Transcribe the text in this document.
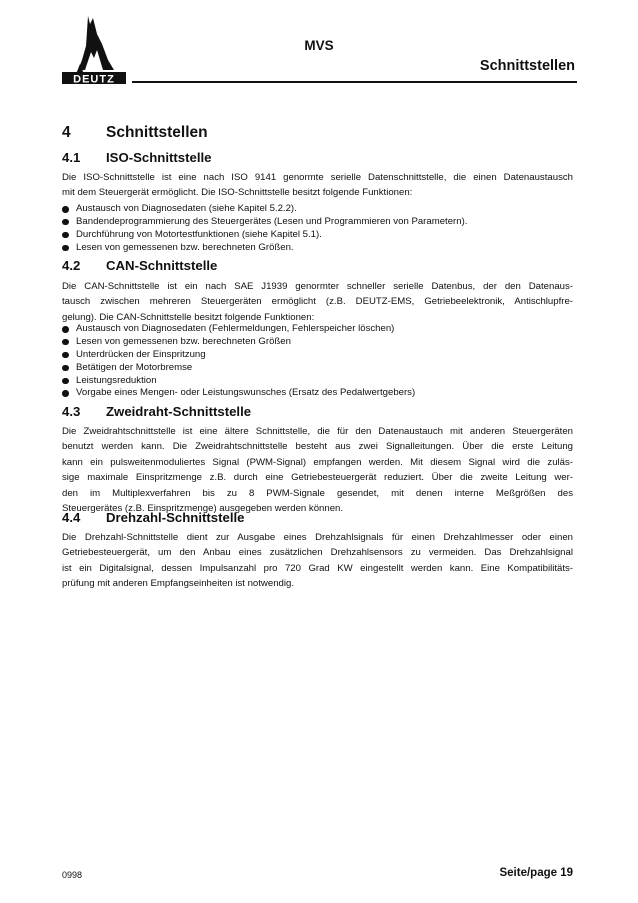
DEUTZ
MVS
Schnittstellen
4 Schnittstellen
4.1 ISO-Schnittstelle
Die ISO-Schnittstelle ist eine nach ISO 9141 genormte serielle Datenschnittstelle, die einen Datenaustausch
mit dem Steuergerät ermöglicht. Die ISO-Schnittstelle besitzt folgende Funktionen:
Austausch von Diagnosedaten (siehe Kapitel 5.2.2).
Bandendeprogrammierung des Steuergerätes (Lesen und Programmieren von Parametern).
Durchführung von Motortestfunktionen (siehe Kapitel 5.1).
Lesen von gemessenen bzw. berechneten Größen.
4.2 CAN-Schnittstelle
Die CAN-Schnittstelle ist ein nach SAE J1939 genormter schneller serielle Datenbus, der den Datenaus-
tausch zwischen mehreren Steuergeräten ermöglicht (z.B. DEUTZ-EMS, Getriebeelektronik, Antischlupfre-
gelung). Die CAN-Schnittstelle besitzt folgende Funktionen:
Austausch von Diagnosedaten (Fehlermeldungen, Fehlerspeicher löschen)
Lesen von gemessenen bzw. berechneten Größen
Unterdrücken der Einspritzung
Betätigen der Motorbremse
Leistungsreduktion
Vorgabe eines Mengen- oder Leistungswunsches (Ersatz des Pedalwertgebers)
4.3 Zweidraht-Schnittstelle
Die Zweidrahtschnittstelle ist eine ältere Schnittstelle, die für den Datenaustauch mit anderen Steuergeräten
benutzt werden kann. Die Zweidrahtschnittstelle besteht aus zwei Signalleitungen. Über die erste Leitung
kann ein pulsweitenmoduliertes Signal (PWM-Signal) empfangen werden. Mit diesem Signal wird die zuläs-
sige maximale Einspritzmenge z.B. durch eine Getriebesteuergerät reduziert. Über die zweite Leitung wer-
den im Multiplexverfahren bis zu 8 PWM-Signale gesendet, mit denen interne Meßgrößen des
Steuergerätes (z.B. Einspritzmenge) ausgegeben werden können.
4.4 Drehzahl-Schnittstelle
Die Drehzahl-Schnittstelle dient zur Ausgabe eines Drehzahlsignals für einen Drehzahlmesser oder einen
Getriebesteuergerät, um den Anbau eines zusätzlichen Drehzahlsensors zu vermeiden. Das Drehzahlsignal
ist ein Digitalsignal, dessen Impulsanzahl pro 720 Grad KW eingestellt werden kann. Eine Kompatibilitäts-
prüfung mit anderen Empfangseinheiten ist notwendig.
0998	Seite/page 19
